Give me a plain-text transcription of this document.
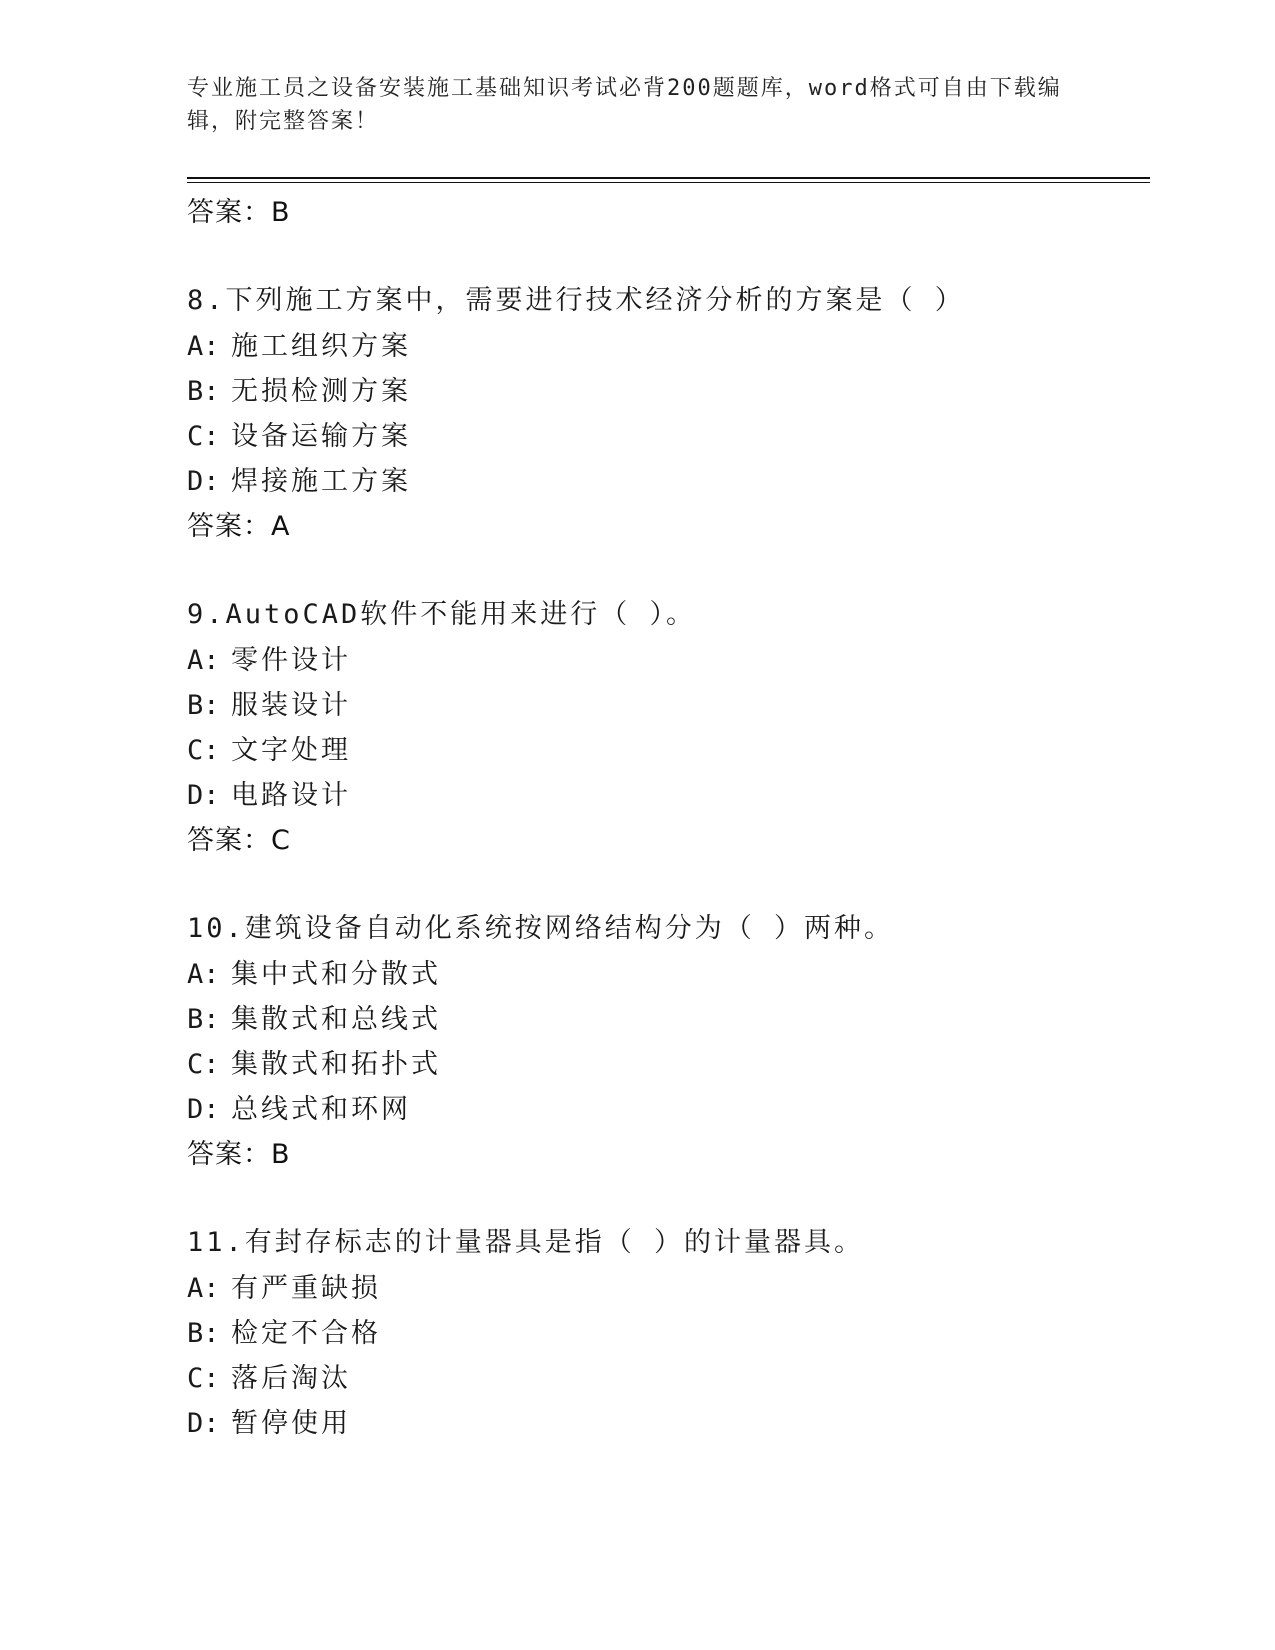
专业施工员之设备安装施工基础知识考试必背200题题库，word格式可自由下载编辑，附完整答案！
答案：B
8.下列施工方案中，需要进行技术经济分析的方案是（ ）
A: 施工组织方案
B: 无损检测方案
C: 设备运输方案
D: 焊接施工方案
答案：A
9.AutoCAD软件不能用来进行（ ）。
A: 零件设计
B: 服装设计
C: 文字处理
D: 电路设计
答案：C
10.建筑设备自动化系统按网络结构分为（ ）两种。
A: 集中式和分散式
B: 集散式和总线式
C: 集散式和拓扑式
D: 总线式和环网
答案：B
11.有封存标志的计量器具是指（ ）的计量器具。
A: 有严重缺损
B: 检定不合格
C: 落后淘汰
D: 暂停使用
